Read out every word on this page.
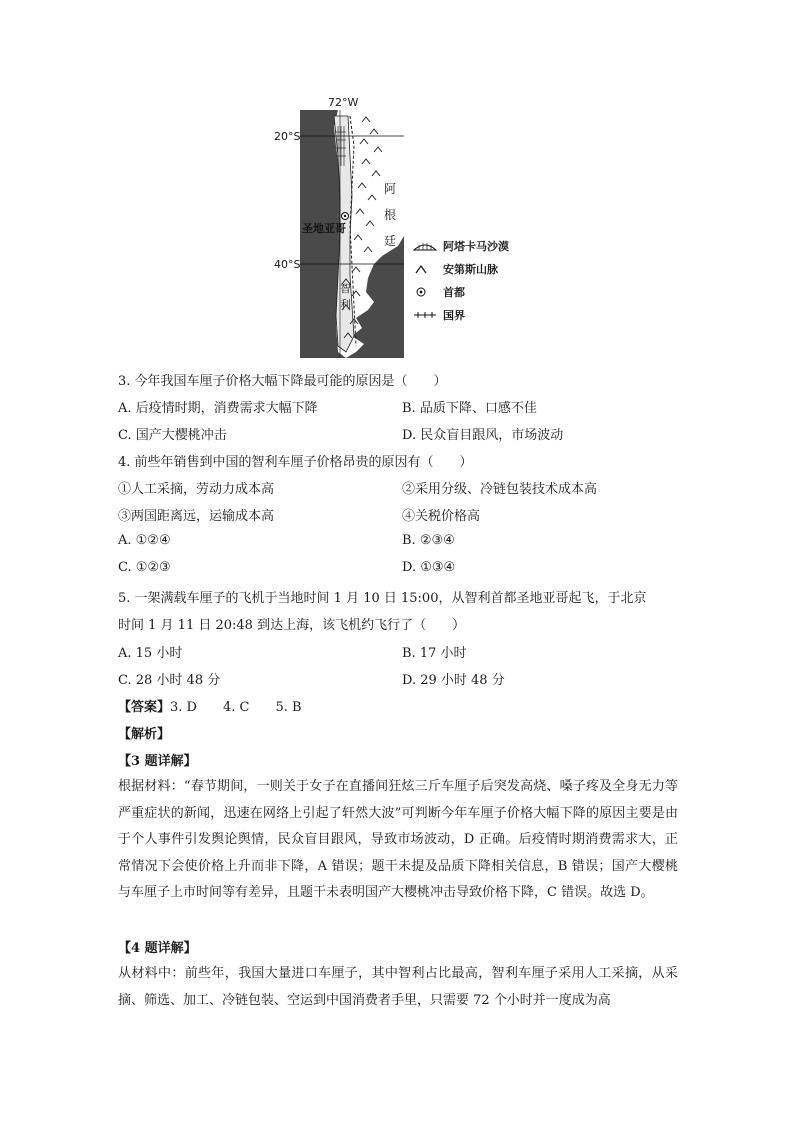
72°W
20°S
40°S
圣地亚哥
阿
根
廷
智
利
阿塔卡马沙漠
安第斯山脉
首都
国界
3. 今年我国车厘子价格大幅下降最可能的原因是（　　）
A. 后疫情时期，消费需求大幅下降	B. 品质下降、口感不佳
C. 国产大樱桃冲击	D. 民众盲目跟风，市场波动
4. 前些年销售到中国的智利车厘子价格昂贵的原因有（　　）
①人工采摘，劳动力成本高	②采用分级、冷链包装技术成本高
③两国距离远，运输成本高	④关税价格高
A. ①②④	B. ②③④
C. ①②③	D. ①③④
5. 一架满载车厘子的飞机于当地时间 1 月 10 日 15:00，从智利首都圣地亚哥起飞，于北京
时间 1 月 11 日 20:48 到达上海，该飞机约飞行了（　　）
A. 15 小时	B. 17 小时
C. 28 小时 48 分	D. 29 小时 48 分
【答案】3. D　　4. C　　5. B
【解析】
【3 题详解】
根据材料：“春节期间，一则关于女子在直播间狂炫三斤车厘子后突发高烧、嗓子疼及全身无力等严重症状的新闻，迅速在网络上引起了轩然大波”可判断今年车厘子价格大幅下降的原因主要是由于个人事件引发舆论舆情，民众盲目跟风，导致市场波动，D 正确。后疫情时期消费需求大，正常情况下会使价格上升而非下降，A 错误；题干未提及品质下降相关信息，B 错误；国产大樱桃与车厘子上市时间等有差异，且题干未表明国产大樱桃冲击导致价格下降，C 错误。故选 D。
【4 题详解】
从材料中：前些年，我国大量进口车厘子，其中智利占比最高，智利车厘子采用人工采摘，从采摘、筛选、加工、冷链包装、空运到中国消费者手里，只需要 72 个小时并一度成为高
